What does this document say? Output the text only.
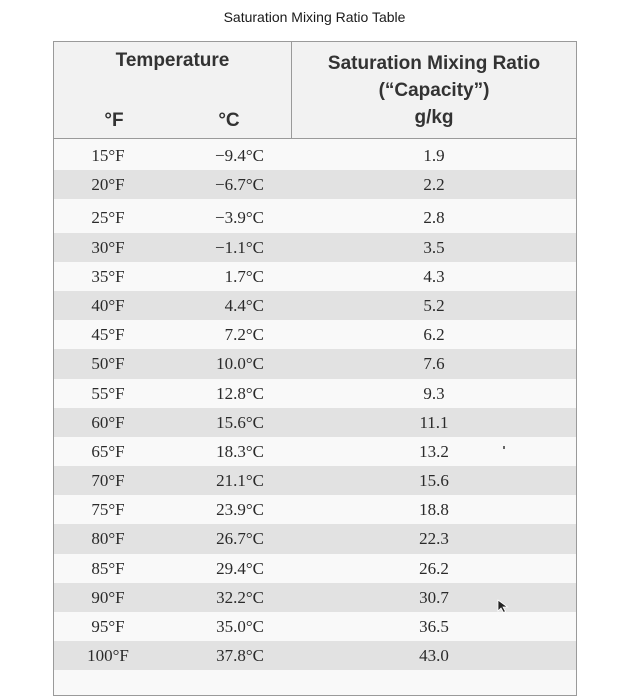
Saturation Mixing Ratio Table
Temperature	Saturation Mixing Ratio
(“Capacity”)
g/kg
°F	°C
15°F	−9.4°C	1.9
20°F	−6.7°C	2.2
25°F	−3.9°C	2.8
30°F	−1.1°C	3.5
35°F	1.7°C	4.3
40°F	4.4°C	5.2
45°F	7.2°C	6.2
50°F	10.0°C	7.6
55°F	12.8°C	9.3
60°F	15.6°C	11.1
65°F	18.3°C	13.2
70°F	21.1°C	15.6
75°F	23.9°C	18.8
80°F	26.7°C	22.3
85°F	29.4°C	26.2
90°F	32.2°C	30.7
95°F	35.0°C	36.5
100°F	37.8°C	43.0
